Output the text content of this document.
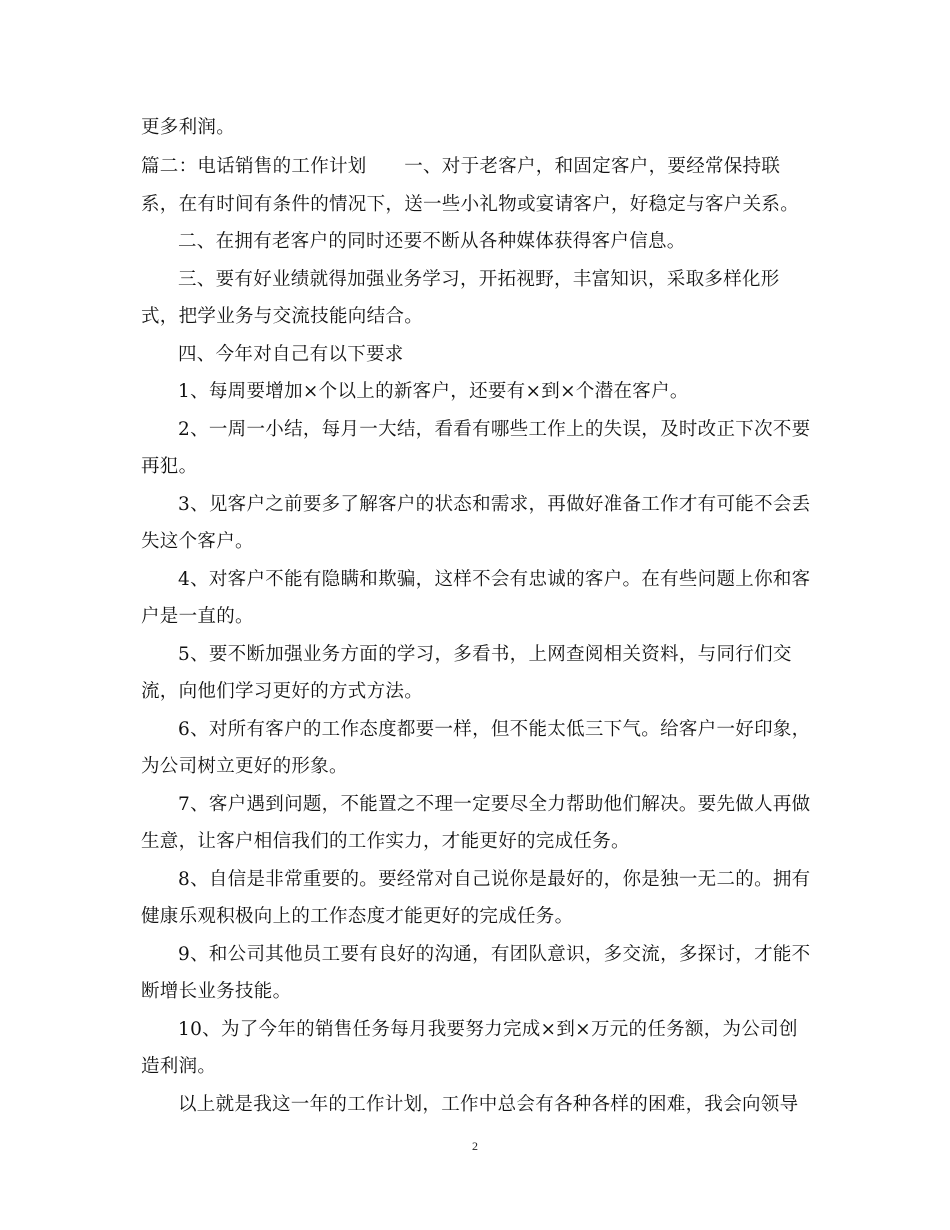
更多利润。
篇二：电话销售的工作计划　　一、对于老客户，和固定客户，要经常保持联
系，在有时间有条件的情况下，送一些小礼物或宴请客户，好稳定与客户关系。
二、在拥有老客户的同时还要不断从各种媒体获得客户信息。
三、要有好业绩就得加强业务学习，开拓视野，丰富知识，采取多样化形
式，把学业务与交流技能向结合。
四、今年对自己有以下要求
1、每周要增加×个以上的新客户，还要有×到×个潜在客户。
2、一周一小结，每月一大结，看看有哪些工作上的失误，及时改正下次不要
再犯。
3、见客户之前要多了解客户的状态和需求，再做好准备工作才有可能不会丢
失这个客户。
4、对客户不能有隐瞒和欺骗，这样不会有忠诚的客户。在有些问题上你和客
户是一直的。
5、要不断加强业务方面的学习，多看书，上网查阅相关资料，与同行们交
流，向他们学习更好的方式方法。
6、对所有客户的工作态度都要一样，但不能太低三下气。给客户一好印象，
为公司树立更好的形象。
7、客户遇到问题，不能置之不理一定要尽全力帮助他们解决。要先做人再做
生意，让客户相信我们的工作实力，才能更好的完成任务。
8、自信是非常重要的。要经常对自己说你是最好的，你是独一无二的。拥有
健康乐观积极向上的工作态度才能更好的完成任务。
9、和公司其他员工要有良好的沟通，有团队意识，多交流，多探讨，才能不
断增长业务技能。
10、为了今年的销售任务每月我要努力完成×到×万元的任务额，为公司创
造利润。
以上就是我这一年的工作计划，工作中总会有各种各样的困难，我会向领导
2
